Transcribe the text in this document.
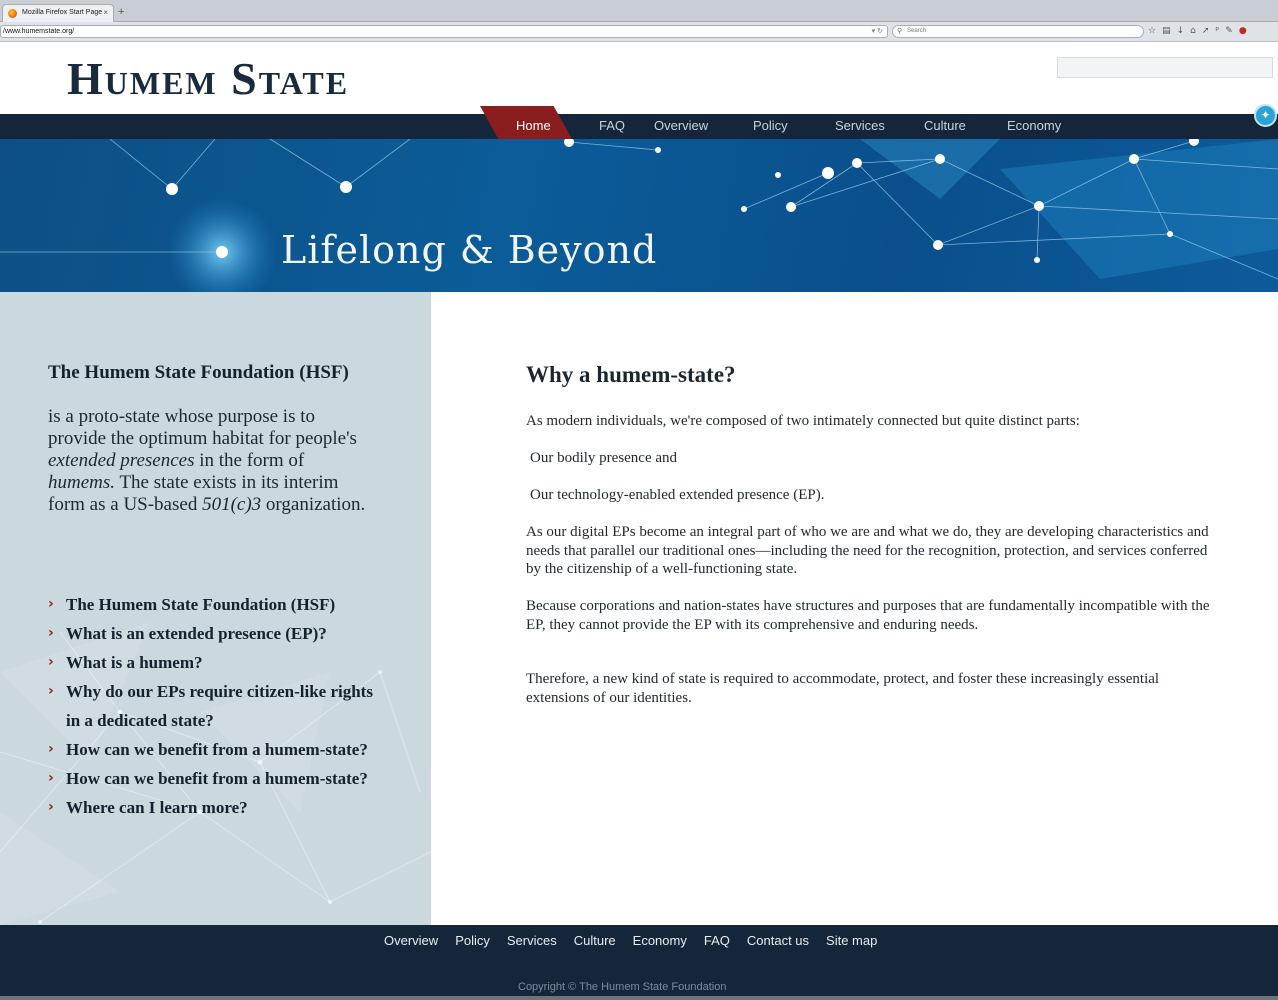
Mozilla Firefox Start Page × +
/www.humemstate.org/	▾ ↻ ⚲ Search	☆ ▤ ↓ ⌂ ➚ ᵖ ✎ ●
Humem State
Home	FAQ Overview	Policy	Services	Culture	Economy
✦
Lifelong & Beyond
The Humem State Foundation (HSF)
is a proto-state whose purpose is to provide the optimum habitat for people's extended presences in the form of humems. The state exists in its interim form as a US-based 501(c)3 organization.
› The Humem State Foundation (HSF)
› What is an extended presence (EP)?
› What is a humem?
› Why do our EPs require citizen-like rights in a dedicated state?
› How can we benefit from a humem-state?
› How can we benefit from a humem-state?
› Where can I learn more?
Why a humem-state?

As modern individuals, we're composed of two intimately connected but quite distinct parts:

Our bodily presence and

Our technology-enabled extended presence (EP).

As our digital EPs become an integral part of who we are and what we do, they are developing characteristics and needs that parallel our traditional ones—including the need for the recognition, protection, and services conferred by the citizenship of a well-functioning state.

Because corporations and nation-states have structures and purposes that are fundamentally incompatible with the EP, they cannot provide the EP with its comprehensive and enduring needs.

Therefore, a new kind of state is required to accommodate, protect, and foster these increasingly essential extensions of our identities.

Overview Policy Services Culture Economy FAQ Contact us Site map
Copyright © The Humem State Foundation
